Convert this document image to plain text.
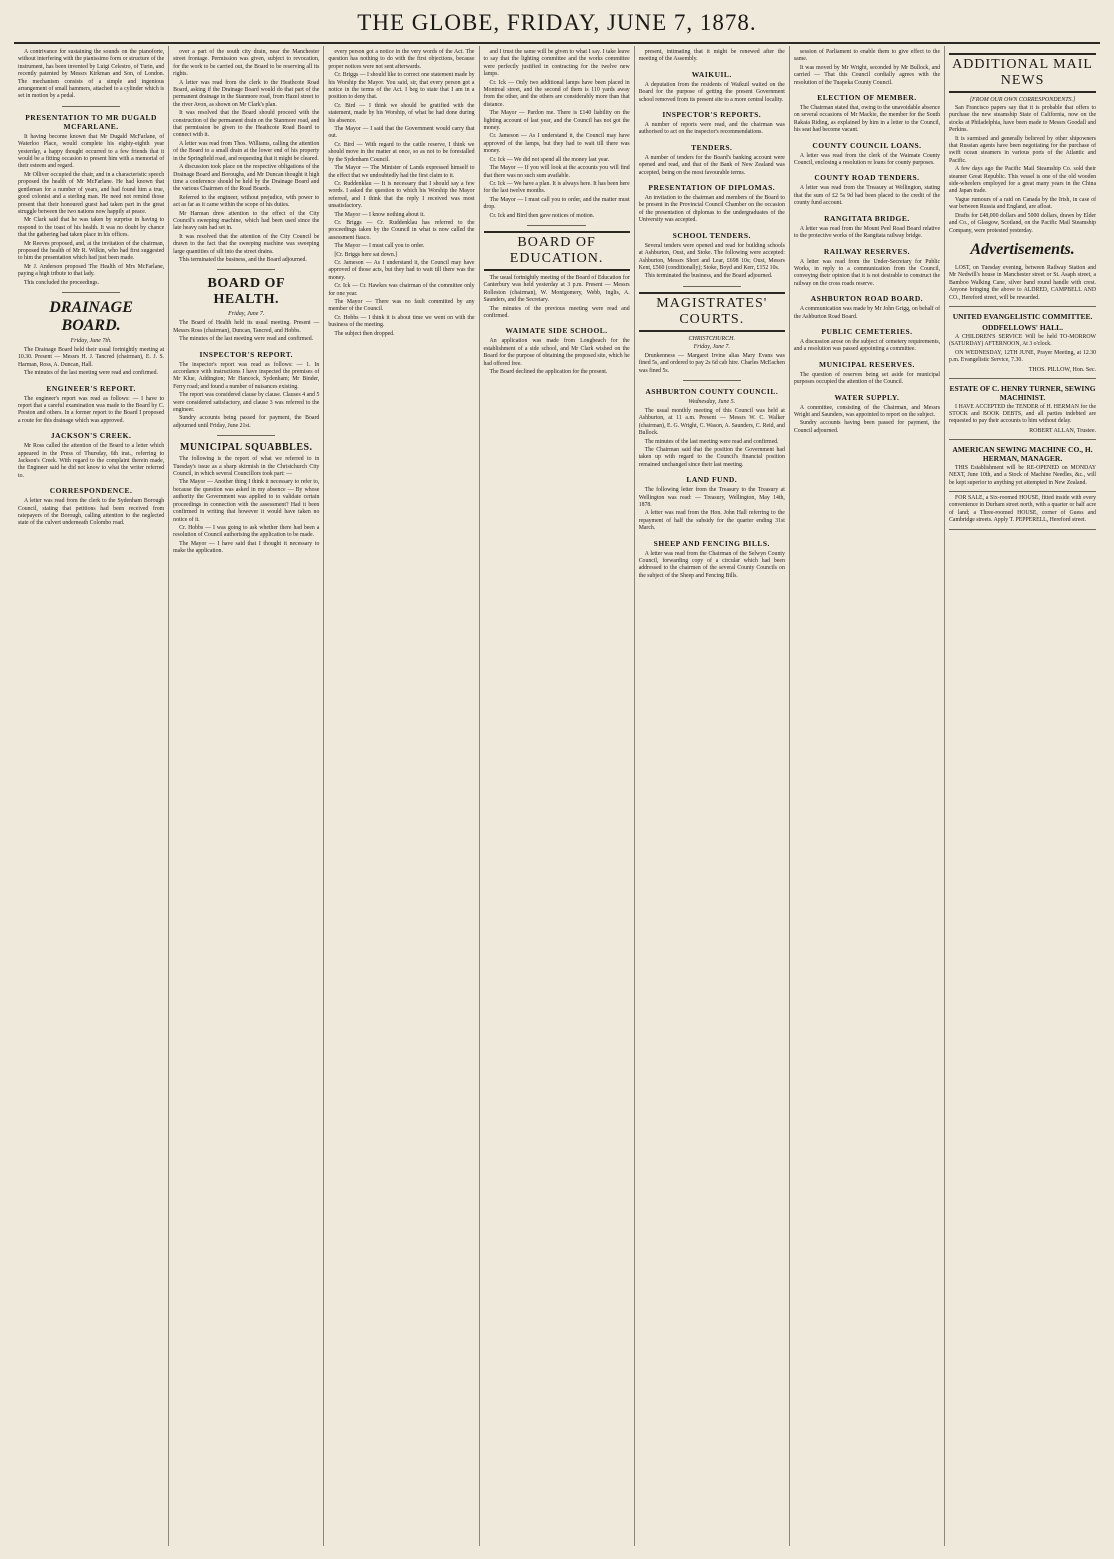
THE GLOBE, FRIDAY, JUNE 7, 1878.

A contrivance for sustaining the sounds on the pianoforte, without interfering with the pianissimo form or structure of the instrument, has been invented by Luigi Celestro, of Turin, and recently patented by Messrs Kirkman and Son, of London. The mechanism consists of a simple and ingenious arrangement of small hammers, attached to a cylinder which is set in motion by a pedal.

PRESENTATION TO MR DUGALD MCFARLANE.

It having become known that Mr Dugald McFarlane, of Waterloo Place, would complete his eighty-eighth year yesterday, a happy thought occurred to a few friends that it would be a fitting occasion to present him with a memorial of their esteem and regard.

Mr Olliver occupied the chair, and in a characteristic speech proposed the health of Mr McFarlane. He had known that gentleman for a number of years, and had found him a true, good colonist and a sterling man. He need not remind those present that their honoured guest had taken part in the great struggle between the two nations now happily at peace.

Mr Clark said that he was taken by surprise in having to respond to the toast of his health. It was no doubt by chance that the gathering had taken place in his offices.

Mr Reeves proposed, and, at the invitation of the chairman, proposed the health of Mr R. Wilkin, who had first suggested to him the presentation which had just been made.

Mr J. Anderson proposed The Health of Mrs McFarlane, paying a high tribute to that lady.

This concluded the proceedings.

DRAINAGE BOARD.
Friday, June 7th.

The Drainage Board held their usual fortnightly meeting at 10.30. Present — Messrs H. J. Tancred (chairman), E. J. S. Harman, Ross, A. Duncan, Hall.

The minutes of the last meeting were read and confirmed.

ENGINEER'S REPORT.

The engineer's report was read as follows: — I have to report that a careful examination was made to the Board by C. Preston and others. In a former report to the Board I proposed a route for this drainage which was approved.

JACKSON'S CREEK.

Mr Ross called the attention of the Board to a letter which appeared in the Press of Thursday, 6th inst., referring to Jackson's Creek. With regard to the complaint therein made, the Engineer said he did not know to what the writer referred to.

CORRESPONDENCE.

A letter was read from the clerk to the Sydenham Borough Council, stating that petitions had been received from ratepayers of the Borough, calling attention to the neglected state of the culvert underneath Colombo road.

over a part of the south city drain, near the Manchester street frontage. Permission was given, subject to revocation, for the work to be carried out, the Board to be reserving all its rights.

A letter was read from the clerk to the Heathcote Road Board, asking if the Drainage Board would do that part of the permanent drainage in the Stanmore road, from Hazel street to the river Avon, as shown on Mr Clark's plan.

It was resolved that the Board should proceed with the construction of the permanent drain on the Stanmore road, and that permission be given to the Heathcote Road Board to connect with it.

A letter was read from Thos. Williams, calling the attention of the Board to a small drain at the lower end of his property in the Springfield road, and requesting that it might be cleared.

A discussion took place on the respective obligations of the Drainage Board and Boroughs, and Mr Duncan thought it high time a conference should be held by the Drainage Board and the various Chairmen of the Road Boards.

Referred to the engineer, without prejudice, with power to act as far as it came within the scope of his duties.

Mr Harman drew attention to the effect of the City Council's sweeping machine, which had been used since the late heavy rain had set in.

It was resolved that the attention of the City Council be drawn to the fact that the sweeping machine was sweeping large quantities of silt into the street drains.

This terminated the business, and the Board adjourned.

BOARD OF HEALTH.
Friday, June 7.

The Board of Health held its usual meeting. Present — Messrs Ross (chairman), Duncan, Tancred, and Hobbs.

The minutes of the last meeting were read and confirmed.

INSPECTOR'S REPORT.

The inspector's report was read as follows: — 1. In accordance with instructions I have inspected the premises of Mr Klue, Addington; Mr Hancock, Sydenham; Mr Binder, Ferry road; and found a number of nuisances existing.

The report was considered clause by clause. Clauses 4 and 5 were considered satisfactory, and clause 3 was referred to the engineer.

Sundry accounts being passed for payment, the Board adjourned until Friday, June 21st.

MUNICIPAL SQUABBLES.

The following is the report of what we referred to in Tuesday's issue as a sharp skirmish in the Christchurch City Council, in which several Councillors took part: —

The Mayor — Another thing I think it necessary to refer to, because the question was asked in my absence — By whose authority the Government was applied to to validate certain proceedings in connection with the assessment? Had it been confirmed in writing that however it would have taken no notice of it.

Cr. Hobbs — I was going to ask whether there had been a resolution of Council authorising the application to be made.

The Mayor — I have said that I thought it necessary to make the application.

every person got a notice in the very words of the Act. The question has nothing to do with the first objections, because proper notices were not sent afterwards.

Cr. Briggs — I should like to correct one statement made by his Worship the Mayor. You said, sir, that every person got a notice in the terms of the Act. I beg to state that I am in a position to deny that.

Cr. Bird — I think we should be gratified with the statement, made by his Worship, of what he had done during his absence.

The Mayor — I said that the Government would carry that out.

Cr. Bird — With regard to the cattle reserve, I think we should move in the matter at once, so as not to be forestalled by the Sydenham Council.

The Mayor — The Minister of Lands expressed himself to the effect that we undoubtedly had the first claim to it.

Cr. Ruddenklau — It is necessary that I should say a few words. I asked the question to which his Worship the Mayor referred, and I think that the reply I received was most unsatisfactory.

The Mayor — I know nothing about it.

Cr. Briggs — Cr. Ruddenklau has referred to the proceedings taken by the Council in what is now called the assessment fiasco.

The Mayor — I must call you to order.

[Cr. Briggs here sat down.]

Cr. Jameson — As I understand it, the Council may have approved of those acts, but they had to wait till there was the money.

Cr. Ick — Cr. Hawkes was chairman of the committee only for one year.

The Mayor — There was no fault committed by any member of the Council.

Cr. Hobbs — I think it is about time we went on with the business of the meeting.

The subject then dropped.

and I trust the same will be given to what I say. I take leave to say that the lighting committee and the works committee were perfectly justified in contracting for the twelve new lamps.

Cr. Ick — Only two additional lamps have been placed in Montreal street, and the second of them is 110 yards away from the other, and the others are considerably more than that distance.

The Mayor — Pardon me. There is £140 liability on the lighting account of last year, and the Council has not got the money.

Cr. Jameson — As I understand it, the Council may have approved of the lamps, but they had to wait till there was money.

Cr. Ick — We did not spend all the money last year.

The Mayor — If you will look at the accounts you will find that there was no such sum available.

Cr. Ick — We have a plan. It is always here. It has been here for the last twelve months.

The Mayor — I must call you to order, and the matter must drop.

Cr. Ick and Bird then gave notices of motion.

BOARD OF EDUCATION.

The usual fortnightly meeting of the Board of Education for Canterbury was held yesterday at 3 p.m. Present — Messrs Rolleston (chairman), W. Montgomery, Webb, Inglis, A. Saunders, and the Secretary.

The minutes of the previous meeting were read and confirmed.

WAIMATE SIDE SCHOOL.

An application was made from Longbeach for the establishment of a side school, and Mr Clark wished on the Board for the purpose of obtaining the proposed site, which he had offered free.

The Board declined the application for the present.

present, intimating that it might be renewed after the meeting of the Assembly.

WAIKUIL.

A deputation from the residents of Waikuil waited on the Board for the purpose of getting the present Government school removed from its present site to a more central locality.

INSPECTOR'S REPORTS.

A number of reports were read, and the chairman was authorised to act on the inspector's recommendations.

TENDERS.

A number of tenders for the Board's banking account were opened and read, and that of the Bank of New Zealand was accepted, being on the most favourable terms.

PRESENTATION OF DIPLOMAS.

An invitation to the chairman and members of the Board to be present in the Provincial Council Chamber on the occasion of the presentation of diplomas to the undergraduates of the University was accepted.

SCHOOL TENDERS.

Several tenders were opened and read for building schools at Ashburton, Oust, and Stoke. The following were accepted: Ashburton, Messrs Short and Lear, £698 10s; Oust, Messrs Kent, £560 (conditionally); Stoke, Boyd and Kerr, £152 10s.

This terminated the business, and the Board adjourned.

MAGISTRATES' COURTS.
CHRISTCHURCH.
Friday, June 7.

Drunkenness — Margaret Irvine alias Mary Evans was fined 5s, and ordered to pay 2s 6d cab hire. Charles McEachen was fined 5s.

ASHBURTON COUNTY COUNCIL.
Wednesday, June 5.

The usual monthly meeting of this Council was held at Ashburton, at 11 a.m. Present — Messrs W. C. Walker (chairman), E. G. Wright, C. Wason, A. Saunders, C. Reid, and Bullock.

The minutes of the last meeting were read and confirmed.

The Chairman said that the position the Government had taken up with regard to the Council's financial position remained unchanged since their last meeting.

LAND FUND.

The following letter from the Treasury to the Treasury at Wellington was read: — Treasury, Wellington, May 14th, 1878.

A letter was read from the Hon. John Hall referring to the repayment of half the subsidy for the quarter ending 31st March.

SHEEP AND FENCING BILLS.

A letter was read from the Chairman of the Selwyn County Council, forwarding copy of a circular which had been addressed to the chairmen of the several County Councils on the subject of the Sheep and Fencing Bills.

session of Parliament to enable them to give effect to the same.

It was moved by Mr Wright, seconded by Mr Bullock, and carried — That this Council cordially agrees with the resolution of the Tuapeka County Council.

ELECTION OF MEMBER.

The Chairman stated that, owing to the unavoidable absence on several occasions of Mr Mackie, the member for the South Rakaia Riding, as explained by him in a letter to the Council, his seat had become vacant.

COUNTY COUNCIL LOANS.

A letter was read from the clerk of the Waimate County Council, enclosing a resolution re loans for county purposes.

COUNTY ROAD TENDERS.

A letter was read from the Treasury at Wellington, stating that the sum of £2 5s 9d had been placed to the credit of the county fund account.

RANGITATA BRIDGE.

A letter was read from the Mount Peel Road Board relative to the protective works of the Rangitata railway bridge.

RAILWAY RESERVES.

A letter was read from the Under-Secretary for Public Works, in reply to a communication from the Council, conveying their opinion that it is not desirable to construct the railway on the cross roads reserve.

ASHBURTON ROAD BOARD.

A communication was made by Mr John Grigg, on behalf of the Ashburton Road Board.

PUBLIC CEMETERIES.

A discussion arose on the subject of cemetery requirements, and a resolution was passed appointing a committee.

MUNICIPAL RESERVES.

The question of reserves being set aside for municipal purposes occupied the attention of the Council.

WATER SUPPLY.

A committee, consisting of the Chairman, and Messrs Wright and Saunders, was appointed to report on the subject.

Sundry accounts having been passed for payment, the Council adjourned.

ADDITIONAL MAIL NEWS
[FROM OUR OWN CORRESPONDENTS.]

San Francisco papers say that it is probable that offers to purchase the new steamship State of California, now on the stocks at Philadelphia, have been made to Messrs Goodall and Perkins.

It is surmised and generally believed by other shipowners that Russian agents have been negotiating for the purchase of swift ocean steamers in various ports of the Atlantic and Pacific.

A few days ago the Pacific Mail Steamship Co. sold their steamer Great Republic. This vessel is one of the old wooden side-wheelers employed for a great many years in the China and Japan trade.

Vague rumours of a raid on Canada by the Irish, in case of war between Russia and England, are afloat.

Drafts for £48,000 dollars and 5000 dollars, drawn by Elder and Co., of Glasgow, Scotland, on the Pacific Mail Steamship Company, were protested yesterday.

Advertisements.

LOST, on Tuesday evening, between Railway Station and Mr Nedwill's house in Manchester street or St. Asaph street, a Bamboo Walking Cane, silver band round handle with crest. Anyone bringing the above to ALDRED, CAMPBELL AND CO., Hereford street, will be rewarded.

UNITED EVANGELISTIC COMMITTEE.
ODDFELLOWS' HALL.

A CHILDREN'S SERVICE Will be held TO-MORROW (SATURDAY) AFTERNOON, At 3 o'clock.

ON WEDNESDAY, 12TH JUNE, Prayer Meeting, at 12.30 p.m. Evangelistic Service, 7.30.

THOS. PILLOW, Hon. Sec.
ESTATE OF C. HENRY TURNER, SEWING MACHINIST.

I HAVE ACCEPTED the TENDER of H. HERMAN for the STOCK and BOOK DEBTS, and all parties indebted are requested to pay their accounts to him without delay.

ROBERT ALLAN, Trustee.
AMERICAN SEWING MACHINE CO., H. HERMAN, MANAGER.

THIS Establishment will be RE-OPENED on MONDAY NEXT, June 10th, and a Stock of Machine Needles, &c., will be kept superior to anything yet attempted in New Zealand.

FOR SALE, a Six-roomed HOUSE, fitted inside with every convenience in Durham street north, with a quarter or half acre of land; a Three-roomed HOUSE, corner of Guess and Cambridge streets. Apply T. PEPPERELL, Hereford street.
